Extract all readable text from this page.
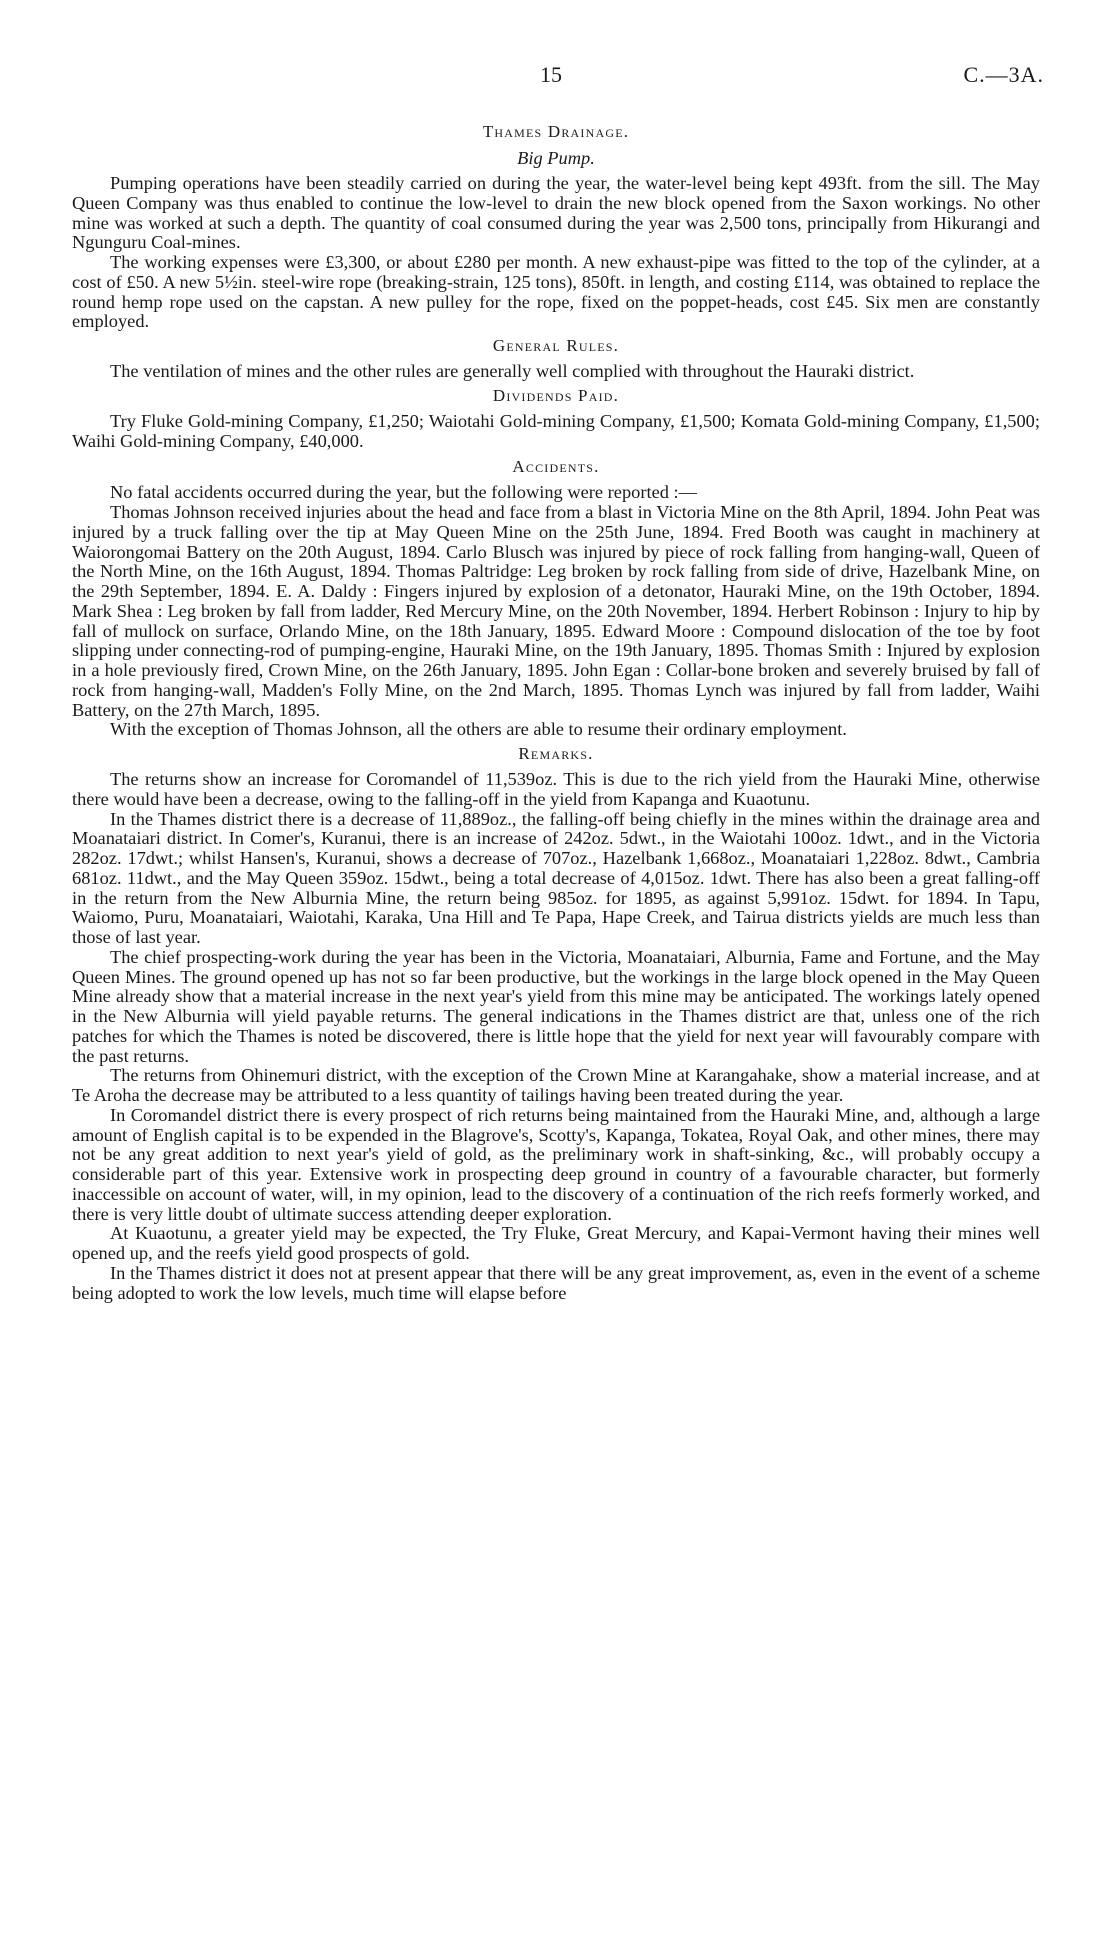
15	C.—3A.
Thames Drainage.
Big Pump.

Pumping operations have been steadily carried on during the year, the water-level being kept 493ft. from the sill. The May Queen Company was thus enabled to continue the low-level to drain the new block opened from the Saxon workings. No other mine was worked at such a depth. The quantity of coal consumed during the year was 2,500 tons, principally from Hikurangi and Ngunguru Coal-mines.

The working expenses were £3,300, or about £280 per month. A new exhaust-pipe was fitted to the top of the cylinder, at a cost of £50. A new 5½in. steel-wire rope (breaking-strain, 125 tons), 850ft. in length, and costing £114, was obtained to replace the round hemp rope used on the capstan. A new pulley for the rope, fixed on the poppet-heads, cost £45. Six men are constantly employed.

General Rules.

The ventilation of mines and the other rules are generally well complied with throughout the Hauraki district.

Dividends Paid.

Try Fluke Gold-mining Company, £1,250; Waiotahi Gold-mining Company, £1,500; Komata Gold-mining Company, £1,500; Waihi Gold-mining Company, £40,000.

Accidents.

No fatal accidents occurred during the year, but the following were reported :—

Thomas Johnson received injuries about the head and face from a blast in Victoria Mine on the 8th April, 1894. John Peat was injured by a truck falling over the tip at May Queen Mine on the 25th June, 1894. Fred Booth was caught in machinery at Waiorongomai Battery on the 20th August, 1894. Carlo Blusch was injured by piece of rock falling from hanging-wall, Queen of the North Mine, on the 16th August, 1894. Thomas Paltridge: Leg broken by rock falling from side of drive, Hazelbank Mine, on the 29th September, 1894. E. A. Daldy : Fingers injured by explosion of a detonator, Hauraki Mine, on the 19th October, 1894. Mark Shea : Leg broken by fall from ladder, Red Mercury Mine, on the 20th November, 1894. Herbert Robinson : Injury to hip by fall of mullock on surface, Orlando Mine, on the 18th January, 1895. Edward Moore : Compound dislocation of the toe by foot slipping under connecting-rod of pumping-engine, Hauraki Mine, on the 19th January, 1895. Thomas Smith : Injured by explosion in a hole previously fired, Crown Mine, on the 26th January, 1895. John Egan : Collar-bone broken and severely bruised by fall of rock from hanging-wall, Madden's Folly Mine, on the 2nd March, 1895. Thomas Lynch was injured by fall from ladder, Waihi Battery, on the 27th March, 1895.

With the exception of Thomas Johnson, all the others are able to resume their ordinary employment.

Remarks.

The returns show an increase for Coromandel of 11,539oz. This is due to the rich yield from the Hauraki Mine, otherwise there would have been a decrease, owing to the falling-off in the yield from Kapanga and Kuaotunu.

In the Thames district there is a decrease of 11,889oz., the falling-off being chiefly in the mines within the drainage area and Moanataiari district. In Comer's, Kuranui, there is an increase of 242oz. 5dwt., in the Waiotahi 100oz. 1dwt., and in the Victoria 282oz. 17dwt.; whilst Hansen's, Kuranui, shows a decrease of 707oz., Hazelbank 1,668oz., Moanataiari 1,228oz. 8dwt., Cambria 681oz. 11dwt., and the May Queen 359oz. 15dwt., being a total decrease of 4,015oz. 1dwt. There has also been a great falling-off in the return from the New Alburnia Mine, the return being 985oz. for 1895, as against 5,991oz. 15dwt. for 1894. In Tapu, Waiomo, Puru, Moanataiari, Waiotahi, Karaka, Una Hill and Te Papa, Hape Creek, and Tairua districts yields are much less than those of last year.

The chief prospecting-work during the year has been in the Victoria, Moanataiari, Alburnia, Fame and Fortune, and the May Queen Mines. The ground opened up has not so far been productive, but the workings in the large block opened in the May Queen Mine already show that a material increase in the next year's yield from this mine may be anticipated. The workings lately opened in the New Alburnia will yield payable returns. The general indications in the Thames district are that, unless one of the rich patches for which the Thames is noted be discovered, there is little hope that the yield for next year will favourably compare with the past returns.

The returns from Ohinemuri district, with the exception of the Crown Mine at Karangahake, show a material increase, and at Te Aroha the decrease may be attributed to a less quantity of tailings having been treated during the year.

In Coromandel district there is every prospect of rich returns being maintained from the Hauraki Mine, and, although a large amount of English capital is to be expended in the Blagrove's, Scotty's, Kapanga, Tokatea, Royal Oak, and other mines, there may not be any great addition to next year's yield of gold, as the preliminary work in shaft-sinking, &c., will probably occupy a considerable part of this year. Extensive work in prospecting deep ground in country of a favourable character, but formerly inaccessible on account of water, will, in my opinion, lead to the discovery of a continuation of the rich reefs formerly worked, and there is very little doubt of ultimate success attending deeper exploration.

At Kuaotunu, a greater yield may be expected, the Try Fluke, Great Mercury, and Kapai-Vermont having their mines well opened up, and the reefs yield good prospects of gold.

In the Thames district it does not at present appear that there will be any great improvement, as, even in the event of a scheme being adopted to work the low levels, much time will elapse before
